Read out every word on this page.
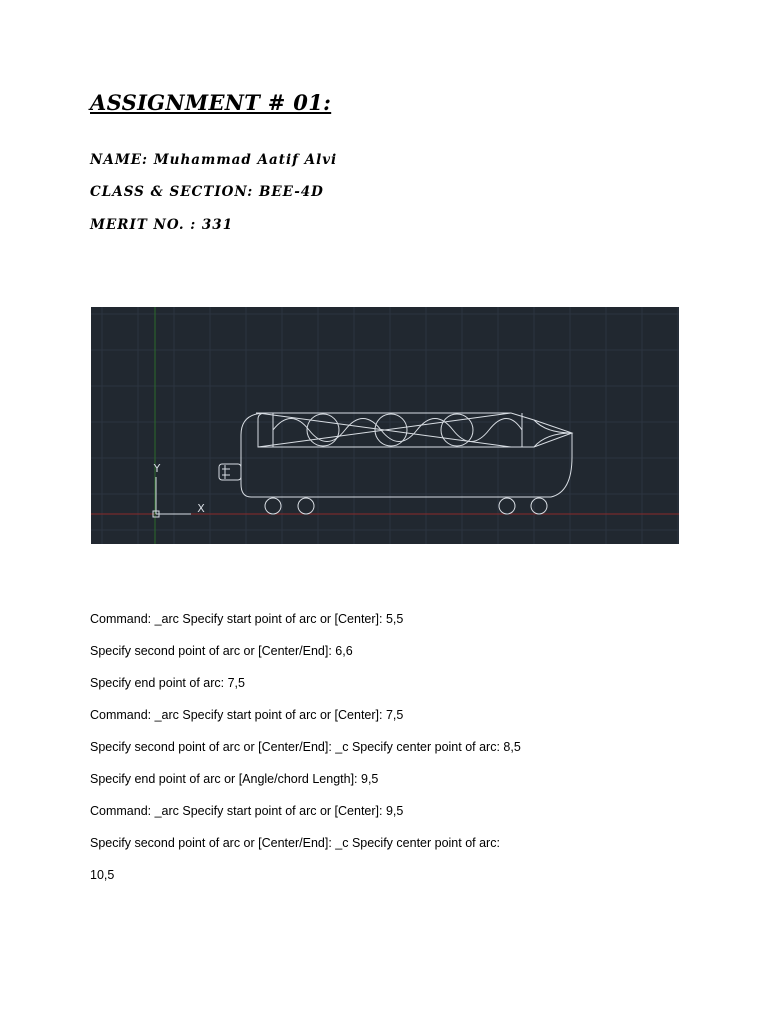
ASSIGNMENT # 01:

NAME: Muhammad Aatif Alvi

CLASS & SECTION: BEE-4D

MERIT NO. : 331

Y
X

Command: _arc Specify start point of arc or [Center]: 5,5

Specify second point of arc or [Center/End]: 6,6

Specify end point of arc: 7,5

Command: _arc Specify start point of arc or [Center]: 7,5

Specify second point of arc or [Center/End]: _c Specify center point of arc: 8,5

Specify end point of arc or [Angle/chord Length]: 9,5

Command: _arc Specify start point of arc or [Center]: 9,5

Specify second point of arc or [Center/End]: _c Specify center point of arc:

10,5
